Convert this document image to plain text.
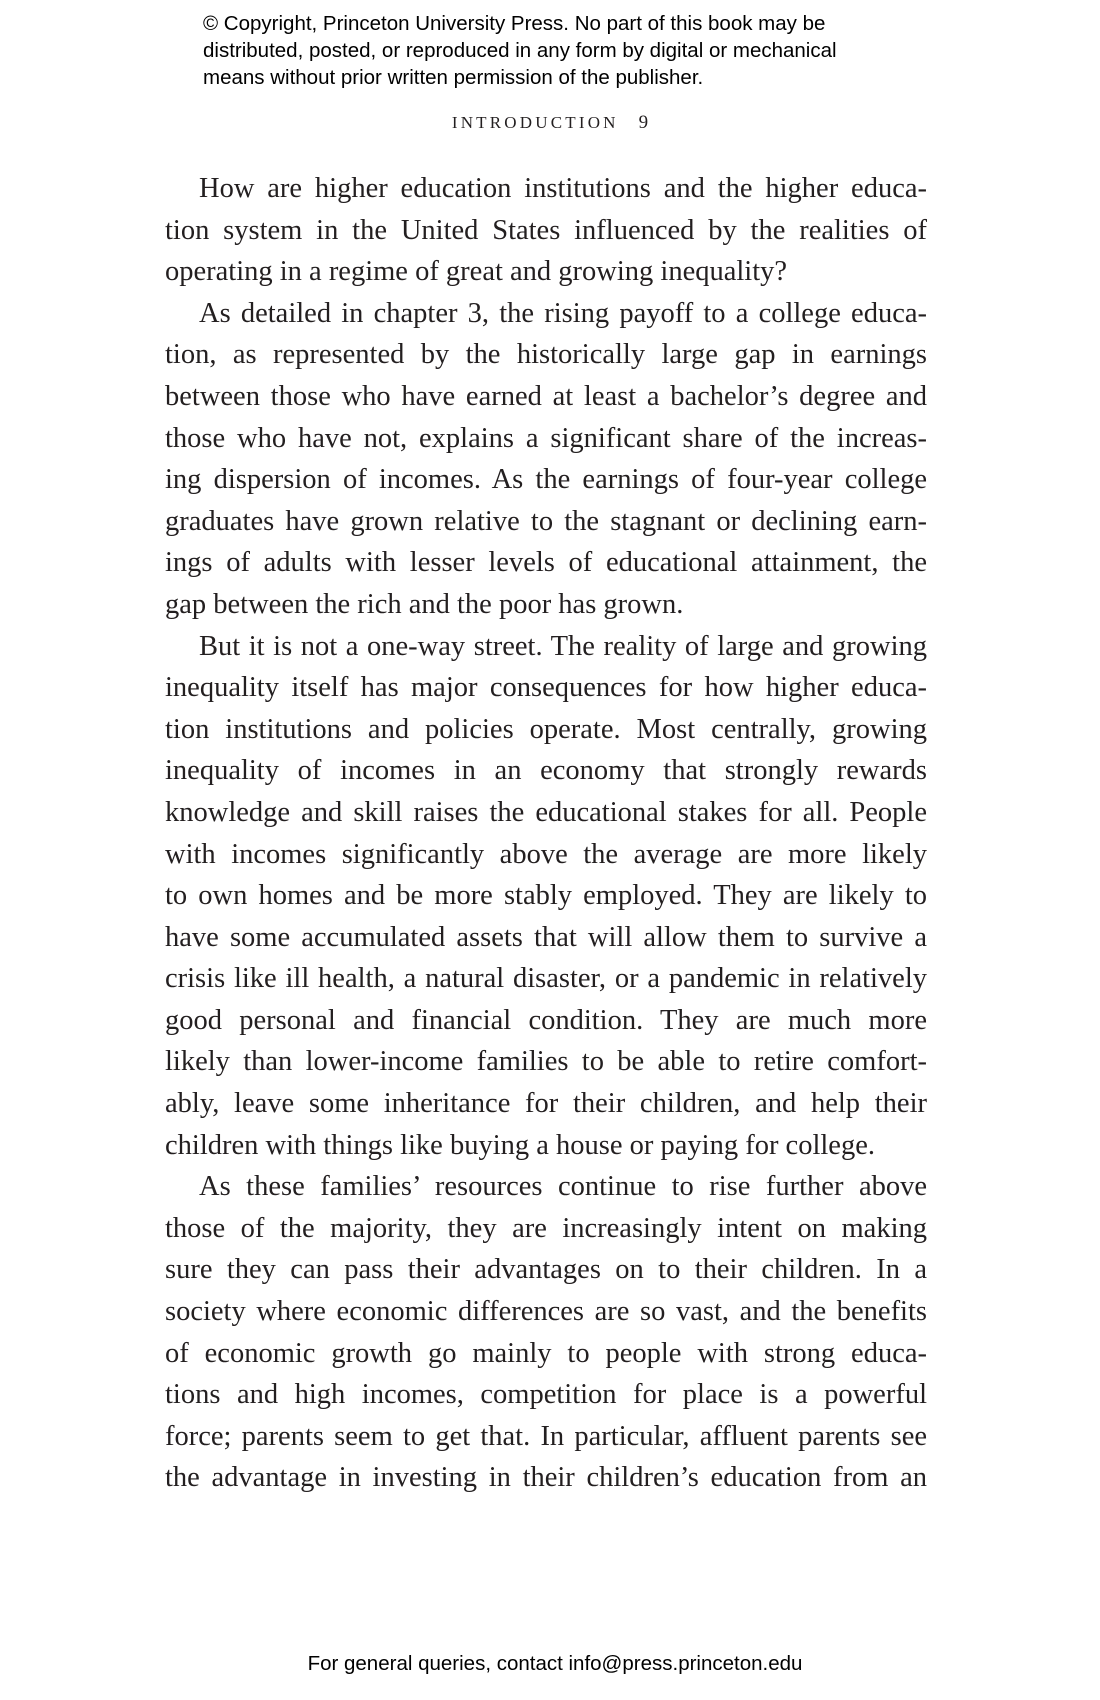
© Copyright, Princeton University Press. No part of this book may be
distributed, posted, or reproduced in any form by digital or mechanical
means without prior written permission of the publisher.
INTRODUCTION 9
How are higher education institutions and the higher educa-
tion system in the United States influenced by the realities of
operating in a regime of great and growing inequality?
As detailed in chapter 3, the rising payoff to a college educa-
tion, as represented by the historically large gap in earnings
between those who have earned at least a bachelor’s degree and
those who have not, explains a significant share of the increas-
ing dispersion of incomes. As the earnings of four-year college
graduates have grown relative to the stagnant or declining earn-
ings of adults with lesser levels of educational attainment, the
gap between the rich and the poor has grown.
But it is not a one-way street. The reality of large and growing
inequality itself has major consequences for how higher educa-
tion institutions and policies operate. Most centrally, growing
inequality of incomes in an economy that strongly rewards
knowledge and skill raises the educational stakes for all. People
with incomes significantly above the average are more likely
to own homes and be more stably employed. They are likely to
have some accumulated assets that will allow them to survive a
crisis like ill health, a natural disaster, or a pandemic in relatively
good personal and financial condition. They are much more
likely than lower-income families to be able to retire comfort-
ably, leave some inheritance for their children, and help their
children with things like buying a house or paying for college.
As these families’ resources continue to rise further above
those of the majority, they are increasingly intent on making
sure they can pass their advantages on to their children. In a
society where economic differences are so vast, and the benefits
of economic growth go mainly to people with strong educa-
tions and high incomes, competition for place is a powerful
force; parents seem to get that. In particular, affluent parents see
the advantage in investing in their children’s education from an
For general queries, contact info@press.princeton.edu
